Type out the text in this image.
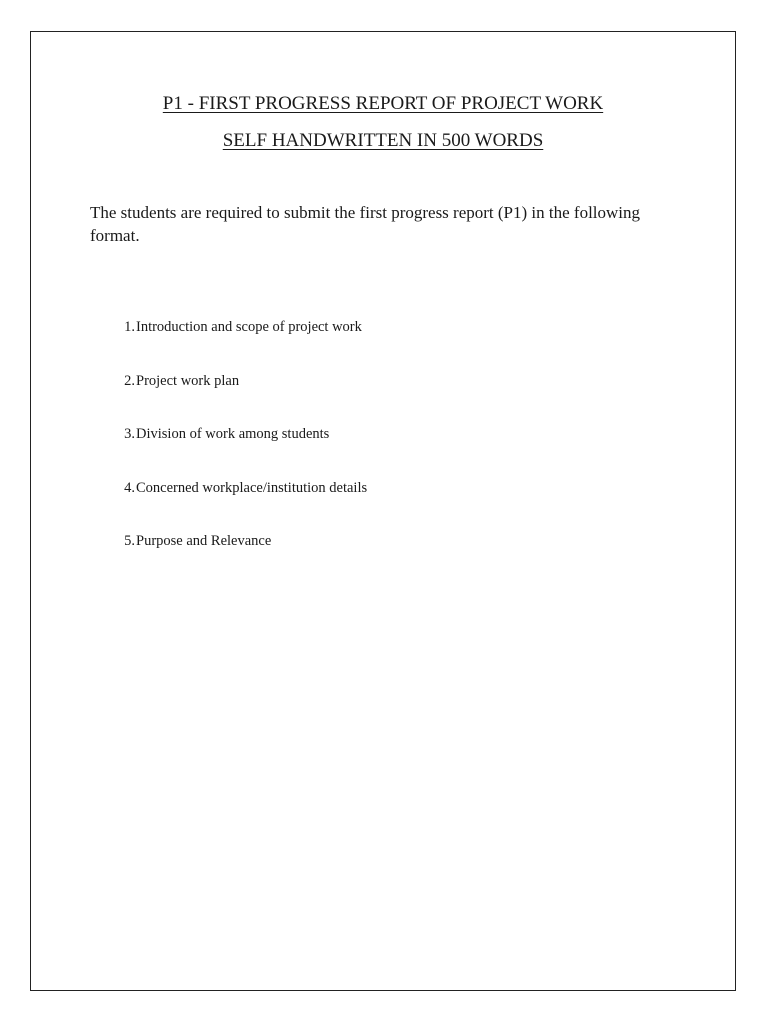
P1 - FIRST PROGRESS REPORT OF PROJECT WORK
SELF HANDWRITTEN IN 500 WORDS

The students are required to submit the first progress report (P1) in the following format.

1. Introduction and scope of project work
2. Project work plan
3. Division of work among students
4. Concerned workplace/institution details
5. Purpose and Relevance
